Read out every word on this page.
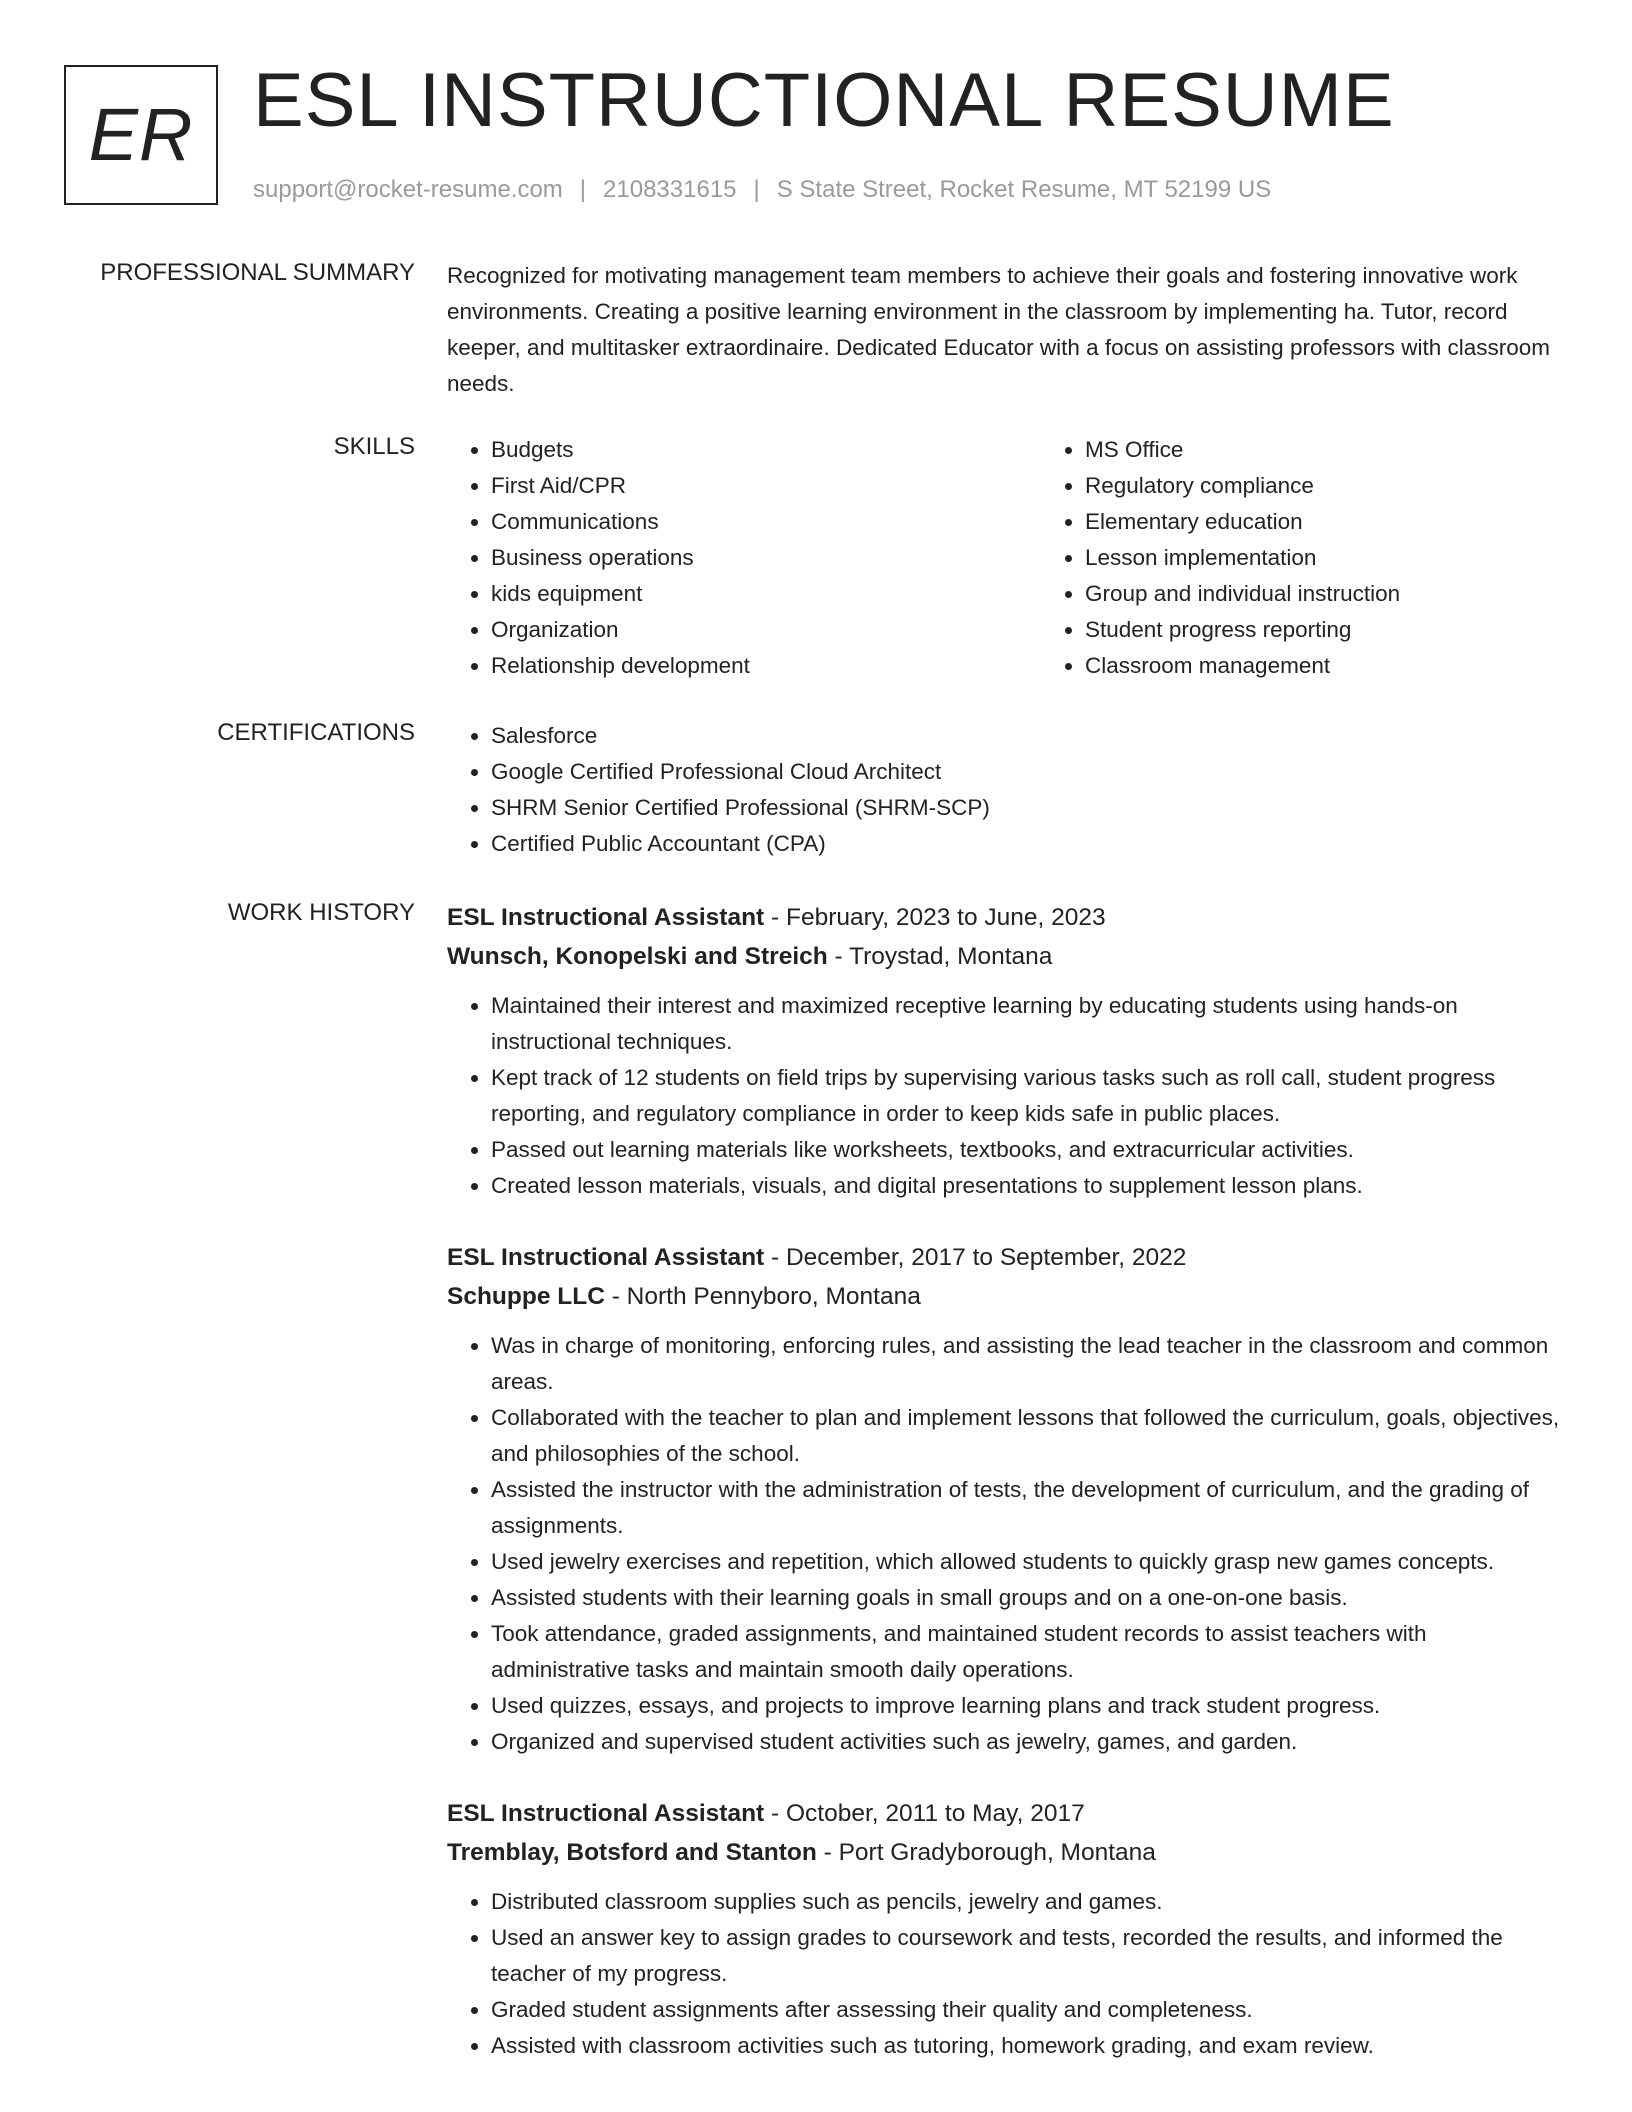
ER ESL INSTRUCTIONAL RESUME
support@rocket-resume.com | 2108331615 | S State Street, Rocket Resume, MT 52199 US
PROFESSIONAL SUMMARY Recognized for motivating management team members to achieve their goals and fostering innovative work environments. Creating a positive learning environment in the classroom by implementing ha. Tutor, record keeper, and multitasker extraordinaire. Dedicated Educator with a focus on assisting professors with classroom needs.

SKILLS	• Budgets
• First Aid/CPR
• Communications
• Business operations
• kids equipment
• Organization
• Relationship development
• MS Office
• Regulatory compliance
• Elementary education
• Lesson implementation
• Group and individual instruction
• Student progress reporting
• Classroom management
CERTIFICATIONS	• Salesforce
• Google Certified Professional Cloud Architect
• SHRM Senior Certified Professional (SHRM-SCP)
• Certified Public Accountant (CPA)
WORK HISTORY ESL Instructional Assistant - February, 2023 to June, 2023
Wunsch, Konopelski and Streich - Troystad, Montana
• Maintained their interest and maximized receptive learning by educating students using hands-on instructional techniques.
• Kept track of 12 students on field trips by supervising various tasks such as roll call, student progress reporting, and regulatory compliance in order to keep kids safe in public places.
• Passed out learning materials like worksheets, textbooks, and extracurricular activities.
• Created lesson materials, visuals, and digital presentations to supplement lesson plans.
ESL Instructional Assistant - December, 2017 to September, 2022
Schuppe LLC - North Pennyboro, Montana
• Was in charge of monitoring, enforcing rules, and assisting the lead teacher in the classroom and common areas.
• Collaborated with the teacher to plan and implement lessons that followed the curriculum, goals, objectives, and philosophies of the school.
• Assisted the instructor with the administration of tests, the development of curriculum, and the grading of assignments.
• Used jewelry exercises and repetition, which allowed students to quickly grasp new games concepts.
• Assisted students with their learning goals in small groups and on a one-on-one basis.
• Took attendance, graded assignments, and maintained student records to assist teachers with administrative tasks and maintain smooth daily operations.
• Used quizzes, essays, and projects to improve learning plans and track student progress.
• Organized and supervised student activities such as jewelry, games, and garden.
ESL Instructional Assistant - October, 2011 to May, 2017
Tremblay, Botsford and Stanton - Port Gradyborough, Montana
• Distributed classroom supplies such as pencils, jewelry and games.
• Used an answer key to assign grades to coursework and tests, recorded the results, and informed the teacher of my progress.
• Graded student assignments after assessing their quality and completeness.
• Assisted with classroom activities such as tutoring, homework grading, and exam review.
